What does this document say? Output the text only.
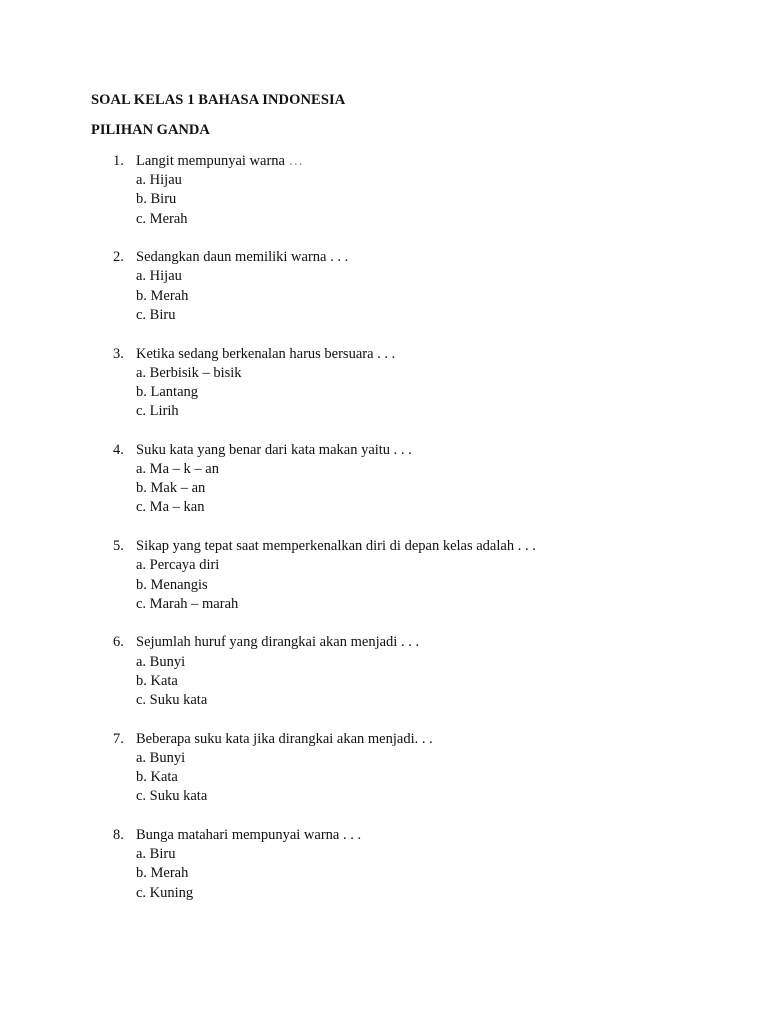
SOAL KELAS 1 BAHASA INDONESIA
PILIHAN GANDA
1. Langit mempunyai warna …
a. Hijau
b. Biru
c. Merah
2. Sedangkan daun memiliki warna . . .
a. Hijau
b. Merah
c. Biru
3. Ketika sedang berkenalan harus bersuara . . .
a. Berbisik – bisik
b. Lantang
c. Lirih
4. Suku kata yang benar dari kata makan yaitu . . .
a. Ma – k – an
b. Mak – an
c. Ma – kan
5. Sikap yang tepat saat memperkenalkan diri di depan kelas adalah . . .
a. Percaya diri
b. Menangis
c. Marah – marah
6. Sejumlah huruf yang dirangkai akan menjadi . . .
a. Bunyi
b. Kata
c. Suku kata
7. Beberapa suku kata jika dirangkai akan menjadi. . .
a. Bunyi
b. Kata
c. Suku kata
8. Bunga matahari mempunyai warna . . .
a. Biru
b. Merah
c. Kuning
